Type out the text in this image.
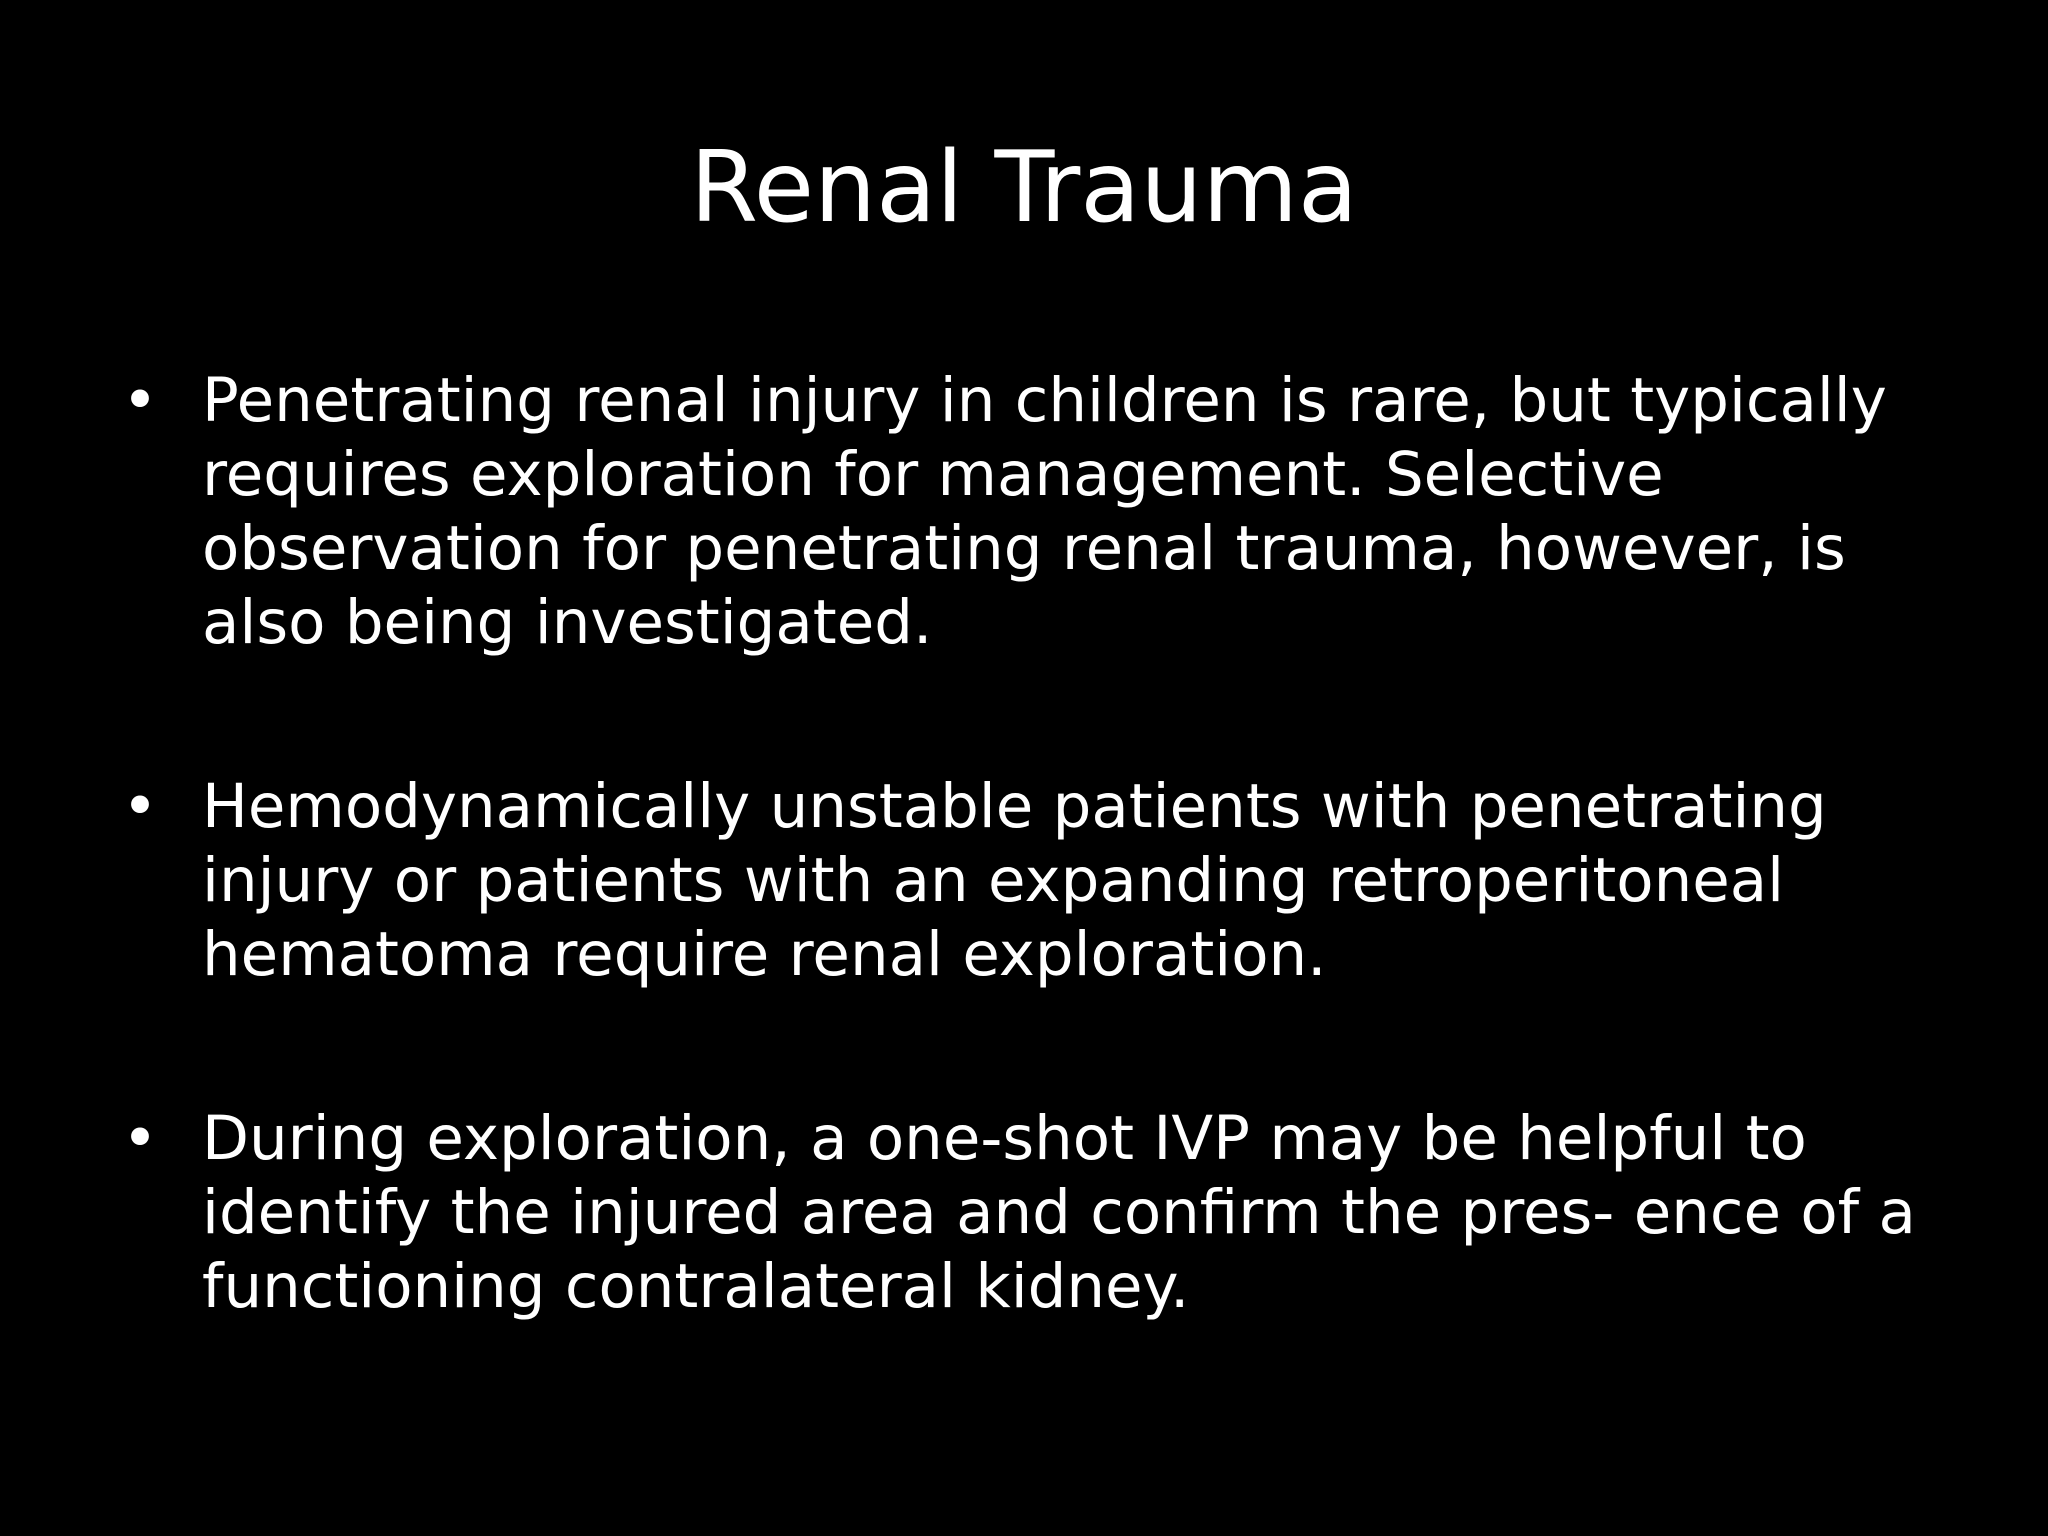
Renal Trauma
• Penetrating renal injury in children is rare, but typically requires exploration for management. Selective observation for penetrating renal trauma, however, is also being investigated.
• Hemodynamically unstable patients with penetrating injury or patients with an expanding retroperitoneal hematoma require renal exploration.
• During exploration, a one-shot IVP may be helpful to identify the injured area and confirm the pres- ence of a functioning contralateral kidney.
